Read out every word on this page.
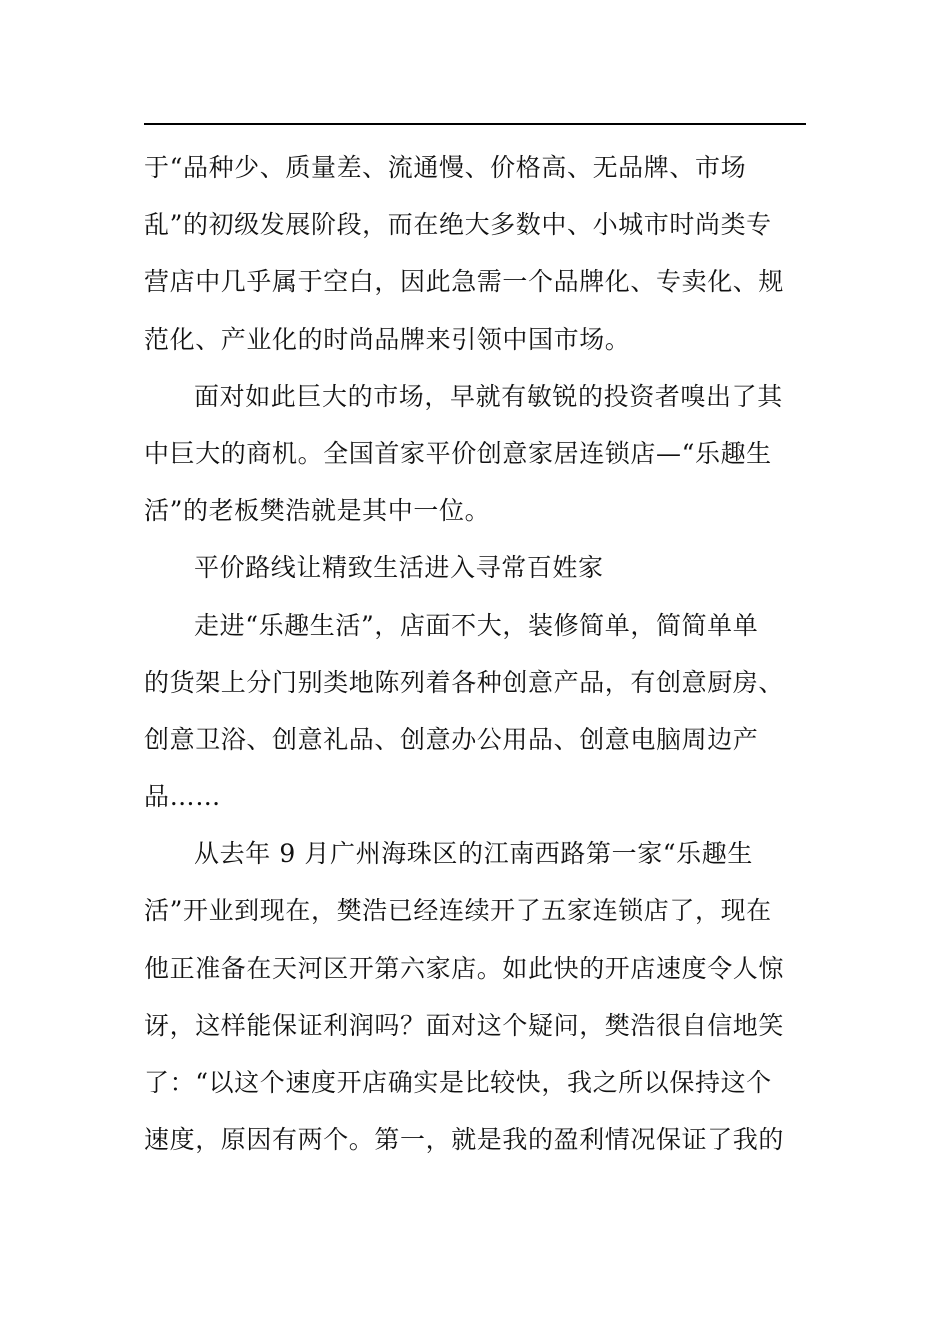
于“品种少、质量差、流通慢、价格高、无品牌、市场
乱”的初级发展阶段，而在绝大多数中、小城市时尚类专
营店中几乎属于空白，因此急需一个品牌化、专卖化、规
范化、产业化的时尚品牌来引领中国市场。
面对如此巨大的市场，早就有敏锐的投资者嗅出了其
中巨大的商机。全国首家平价创意家居连锁店—“乐趣生
活”的老板樊浩就是其中一位。
平价路线让精致生活进入寻常百姓家
走进“乐趣生活”，店面不大，装修简单，简简单单
的货架上分门别类地陈列着各种创意产品，有创意厨房、
创意卫浴、创意礼品、创意办公用品、创意电脑周边产
品……
从去年 9 月广州海珠区的江南西路第一家“乐趣生
活”开业到现在，樊浩已经连续开了五家连锁店了，现在
他正准备在天河区开第六家店。如此快的开店速度令人惊
讶，这样能保证利润吗？面对这个疑问，樊浩很自信地笑
了：“以这个速度开店确实是比较快，我之所以保持这个
速度，原因有两个。第一，就是我的盈利情况保证了我的
